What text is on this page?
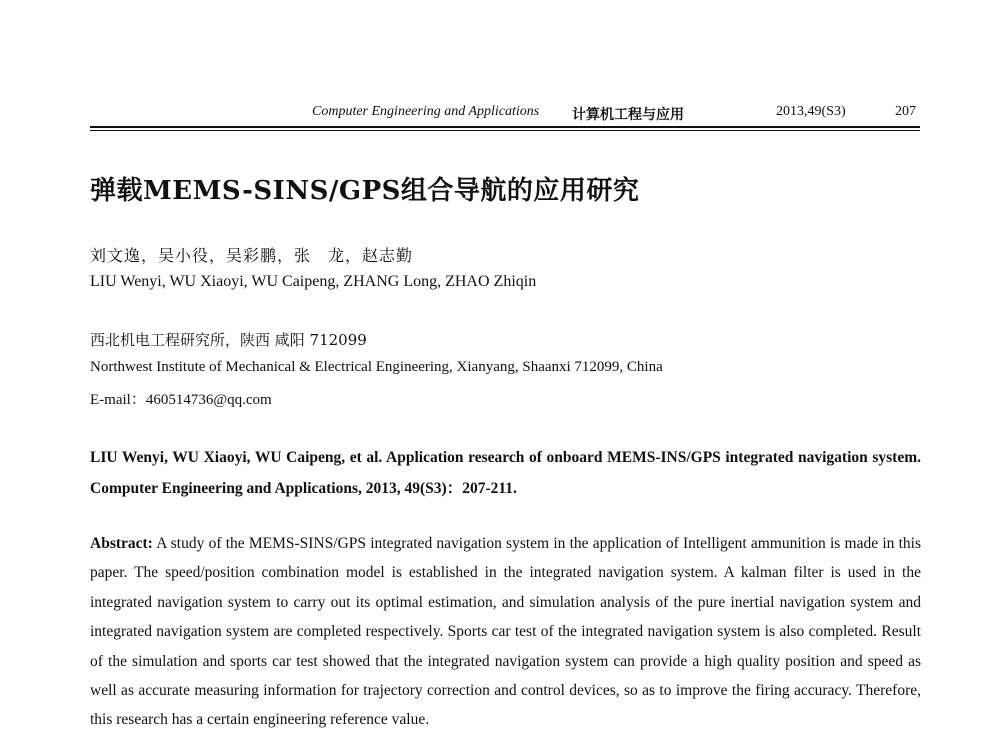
Computer Engineering and Applications 计算机工程与应用	2013,49(S3)	207
弹载MEMS-SINS/GPS组合导航的应用研究
刘文逸，吴小役，吴彩鹏，张　龙，赵志勤
LIU Wenyi, WU Xiaoyi, WU Caipeng, ZHANG Long, ZHAO Zhiqin
西北机电工程研究所，陕西 咸阳 712099
Northwest Institute of Mechanical & Electrical Engineering, Xianyang, Shaanxi 712099, China
E-mail：460514736@qq.com
LIU Wenyi, WU Xiaoyi, WU Caipeng, et al. Application research of onboard MEMS-INS/GPS integrated navigation system. Computer Engineering and Applications, 2013, 49(S3)：207-211.
Abstract: A study of the MEMS-SINS/GPS integrated navigation system in the application of Intelligent ammunition is made in this paper. The speed/position combination model is established in the integrated navigation system. A kalman filter is used in the integrated navigation system to carry out its optimal estimation, and simulation analysis of the pure inertial navigation system and integrated navigation system are completed respectively. Sports car test of the integrated navigation system is also completed. Result of the simulation and sports car test showed that the integrated navigation system can provide a high quality position and speed as well as accurate measuring information for trajectory correction and control devices, so as to improve the firing accuracy. Therefore, this research has a certain engineering reference value.
